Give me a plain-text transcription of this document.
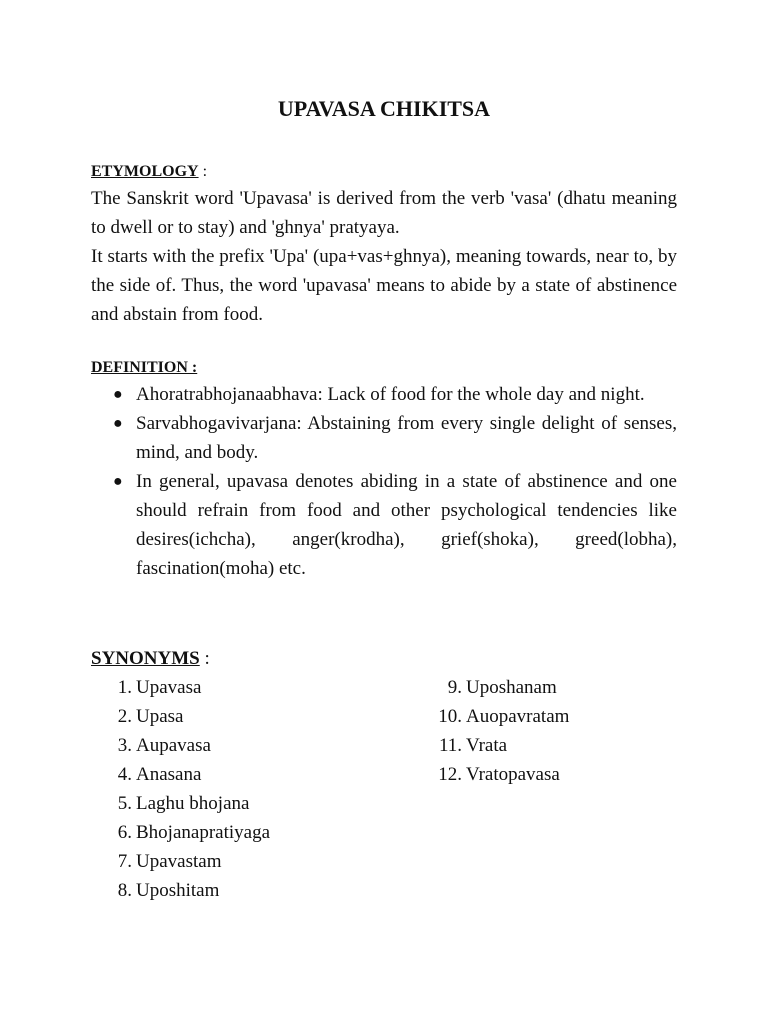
UPAVASA CHIKITSA

ETYMOLOGY :

The Sanskrit word 'Upavasa' is derived from the verb 'vasa' (dhatu meaning to dwell or to stay) and 'ghnya' pratyaya.

It starts with the prefix 'Upa' (upa+vas+ghnya), meaning towards, near to, by the side of. Thus, the word 'upavasa' means to abide by a state of abstinence and abstain from food.

DEFINITION :

● Ahoratrabhojanaabhava: Lack of food for the whole day and night.
● Sarvabhogavivarjana: Abstaining from every single delight of senses, mind, and body.
● In general, upavasa denotes abiding in a state of abstinence and one should refrain from food and other psychological tendencies like desires(ichcha), anger(krodha), grief(shoka), greed(lobha), fascination(moha) etc.
SYNONYMS :
1. Upavasa
2. Upasa
3. Aupavasa
4. Anasana
5. Laghu bhojana
6. Bhojanapratiyaga
7. Upavastam
8. Uposhitam
9. Uposhanam
10. Auopavratam
11. Vrata
12. Vratopavasa
